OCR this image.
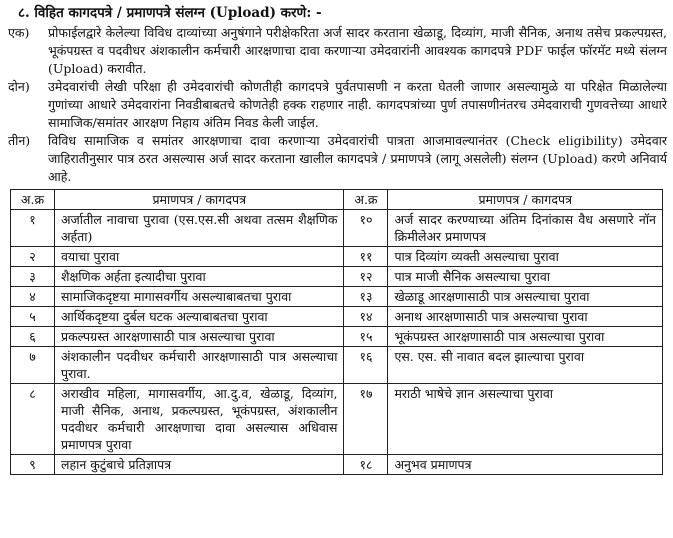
८. विहित कागदपत्रे / प्रमाणपत्रे संलग्न (Upload) करणे: -
एक) प्रोफाईलद्वारे केलेल्या विविध दाव्यांच्या अनुषंगाने परीक्षेकरिता अर्ज सादर करताना खेळाडू, दिव्यांग, माजी सैनिक, अनाथ तसेच प्रकल्पग्रस्त, भूकंपग्रस्त व पदवीधर अंशकालीन कर्मचारी आरक्षणाचा दावा करणाऱ्या उमेदवारांनी आवश्यक कागदपत्रे PDF फाईल फॉरमॅट मध्ये संलग्न (Upload) करावीत.
दोन) उमेदवारांची लेखी परिक्षा ही उमेदवारांची कोणतीही कागदपत्रे पुर्वतपासणी न करता घेतली जाणार असल्यामुळे या परिक्षेत मिळालेल्या गुणांच्या आधारे उमेदवारांना निवडीबाबतचे कोणतेही हक्क राहणार नाही. कागदपत्रांच्या पुर्ण तपासणीनंतरच उमेदवाराची गुणवत्तेच्या आधारे सामाजिक/समांतर आरक्षण निहाय अंतिम निवड केली जाईल.
तीन) विविध सामाजिक व समांतर आरक्षणाचा दावा करणाऱ्या उमेदवारांची पात्रता आजमावल्यानंतर (Check eligibility) उमेदवार जाहिरातीनुसार पात्र ठरत असल्यास अर्ज सादर करताना खालील कागदपत्रे / प्रमाणपत्रे (लागू असलेली) संलग्न (Upload) करणे अनिवार्य आहे.
अ.क्र	प्रमाणपत्र / कागदपत्र	अ.क्र	प्रमाणपत्र / कागदपत्र
१	अर्जातील नावाचा पुरावा (एस.एस.सी अथवा तत्सम शैक्षणिक अर्हता)	१०	अर्ज सादर करण्याच्या अंतिम दिनांकास वैध असणारे नॉन क्रिमीलेअर प्रमाणपत्र
२	वयाचा पुरावा	११	पात्र दिव्यांग व्यक्ती असल्याचा पुरावा
३	शैक्षणिक अर्हता इत्यादीचा पुरावा	१२	पात्र माजी सैनिक असल्याचा पुरावा
४	सामाजिकदृष्टया मागासवर्गीय असल्याबाबतचा पुरावा	१३	खेळाडू आरक्षणासाठी पात्र असल्याचा पुरावा
५	आर्थिकदृष्टया दुर्बल घटक अल्याबाबतचा पुरावा	१४	अनाथ आरक्षणासाठी पात्र असल्याचा पुरावा
६	प्रकल्पग्रस्त आरक्षणासाठी पात्र असल्याचा पुरावा	१५	भूकंपग्रस्त आरक्षणासाठी पात्र असल्याचा पुरावा
७	अंशकालीन पदवीधर कर्मचारी आरक्षणासाठी पात्र असल्याचा पुरावा.	१६	एस. एस. सी नावात बदल झाल्याचा पुरावा
८	अराखीव महिला, मागासवर्गीय, आ.दु.व, खेळाडू, दिव्यांग, माजी सैनिक, अनाथ, प्रकल्पग्रस्त, भूकंपग्रस्त, अंशकालीन पदवीधर कर्मचारी आरक्षणाचा दावा असल्यास अधिवास प्रमाणपत्र पुरावा	१७	मराठी भाषेचे ज्ञान असल्याचा पुरावा
९	लहान कुटुंबाचे प्रतिज्ञापत्र	१८	अनुभव प्रमाणपत्र
